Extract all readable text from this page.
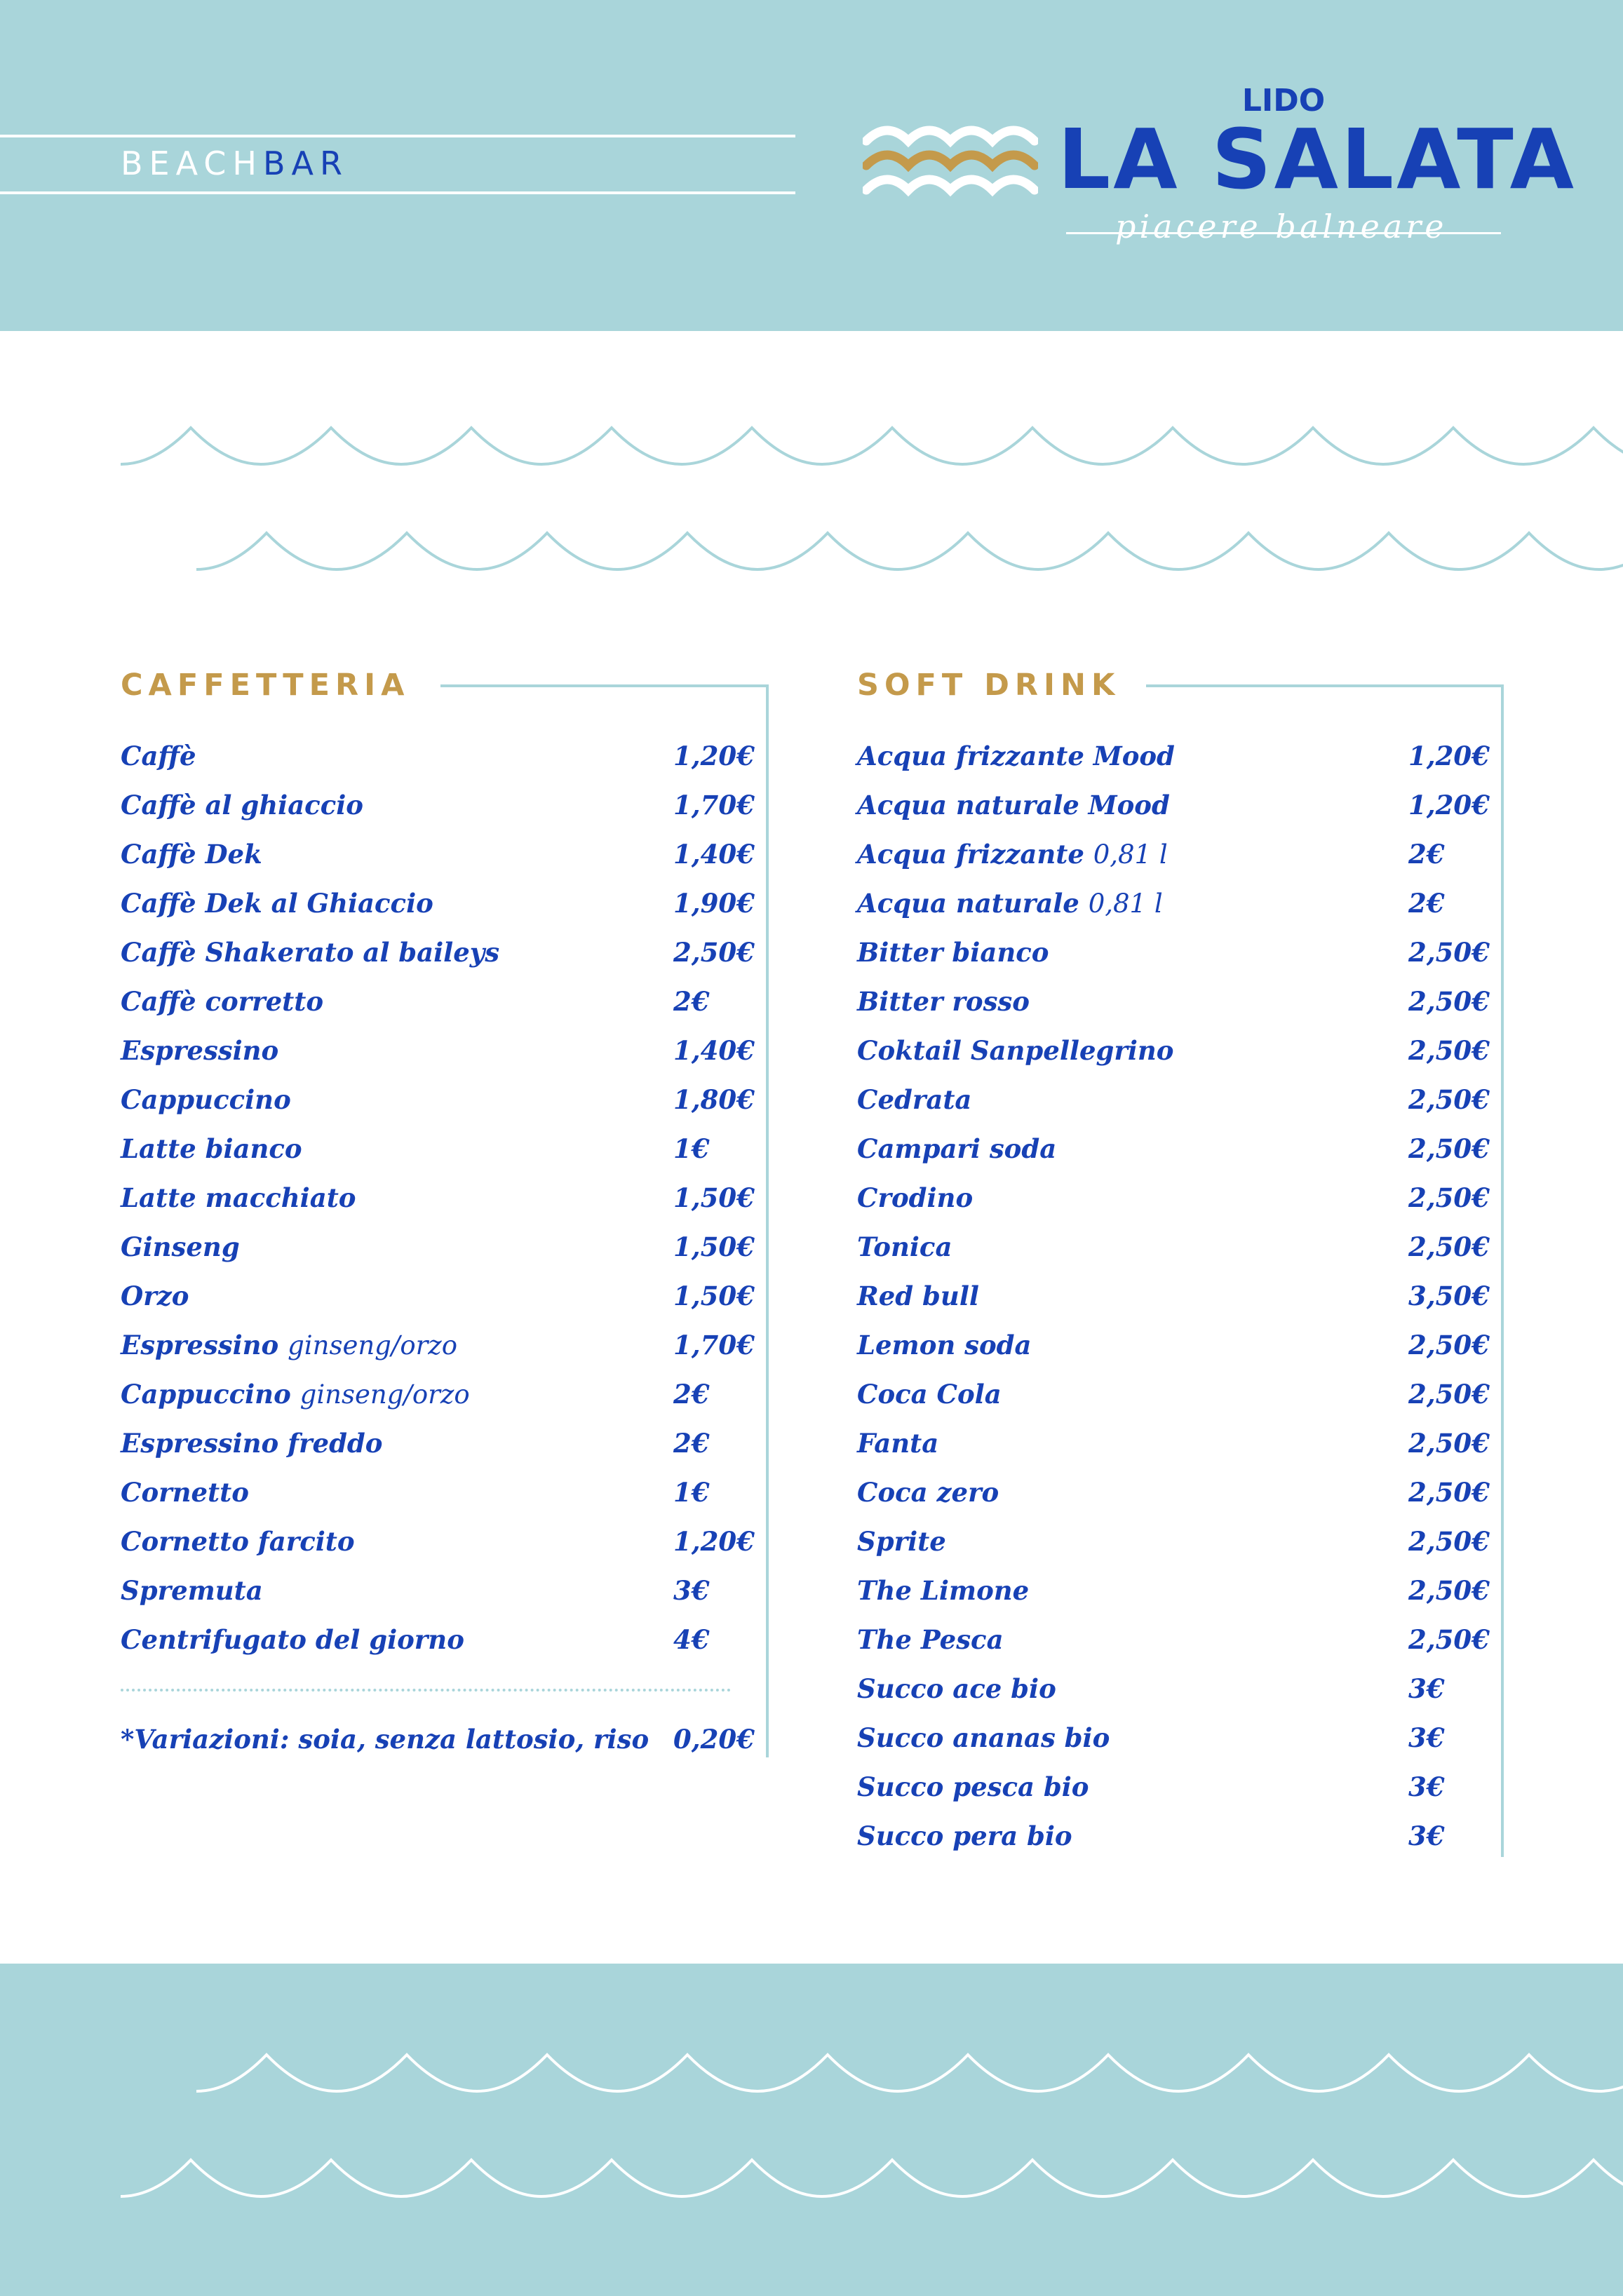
BEACHBAR
LIDO
LA SALATA
piacere balneare
CAFFETTERIA
Caffè	1,20€
Caffè al ghiaccio	1,70€
Caffè Dek	1,40€
Caffè Dek al Ghiaccio	1,90€
Caffè Shakerato al baileys	2,50€
Caffè corretto	2€
Espressino	1,40€
Cappuccino	1,80€
Latte bianco	1€
Latte macchiato	1,50€
Ginseng	1,50€
Orzo	1,50€
Espressino ginseng/orzo	1,70€
Cappuccino ginseng/orzo	2€
Espressino freddo	2€
Cornetto	1€
Cornetto farcito	1,20€
Spremuta	3€
Centrifugato del giorno	4€
*Variazioni: soia, senza lattosio, riso 0,20€
SOFT DRINK
Acqua frizzante Mood	1,20€
Acqua naturale Mood	1,20€
Acqua frizzante 0,81 l	2€
Acqua naturale 0,81 l	2€
Bitter bianco	2,50€
Bitter rosso	2,50€
Coktail Sanpellegrino	2,50€
Cedrata	2,50€
Campari soda	2,50€
Crodino	2,50€
Tonica	2,50€
Red bull	3,50€
Lemon soda	2,50€
Coca Cola	2,50€
Fanta	2,50€
Coca zero	2,50€
Sprite	2,50€
The Limone	2,50€
The Pesca	2,50€
Succo ace bio	3€
Succo ananas bio	3€
Succo pesca bio	3€
Succo pera bio	3€
